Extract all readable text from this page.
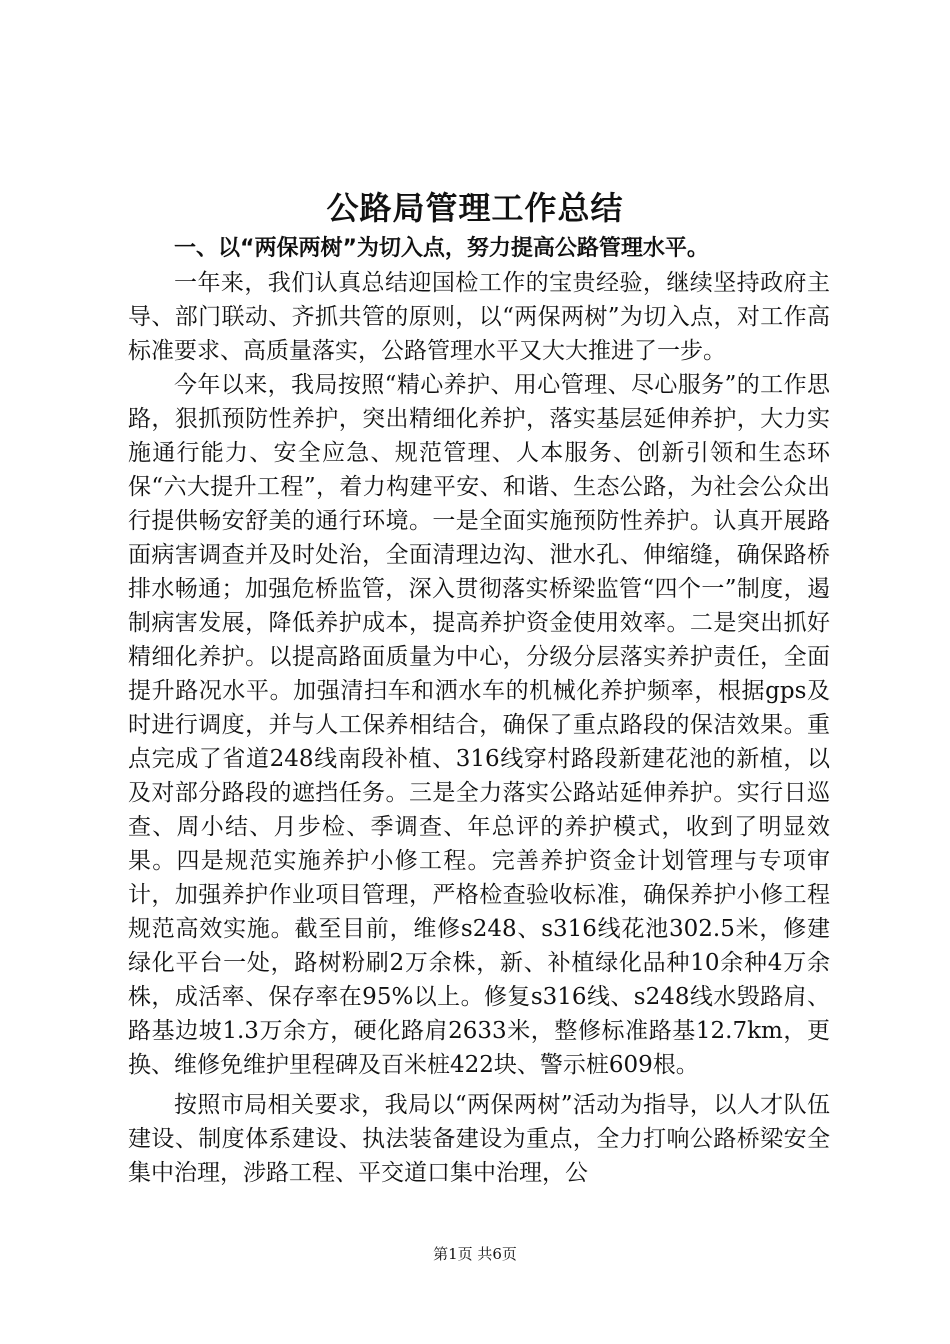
公路局管理工作总结

一、以“两保两树”为切入点，努力提高公路管理水平。

一年来，我们认真总结迎国检工作的宝贵经验，继续坚持政府主导、部门联动、齐抓共管的原则，以“两保两树”为切入点，对工作高标准要求、高质量落实，公路管理水平又大大推进了一步。

今年以来，我局按照“精心养护、用心管理、尽心服务”的工作思路，狠抓预防性养护，突出精细化养护，落实基层延伸养护，大力实施通行能力、安全应急、规范管理、人本服务、创新引领和生态环保“六大提升工程”，着力构建平安、和谐、生态公路，为社会公众出行提供畅安舒美的通行环境。一是全面实施预防性养护。认真开展路面病害调查并及时处治，全面清理边沟、泄水孔、伸缩缝，确保路桥排水畅通；加强危桥监管，深入贯彻落实桥梁监管“四个一”制度，遏制病害发展，降低养护成本，提高养护资金使用效率。二是突出抓好精细化养护。以提高路面质量为中心，分级分层落实养护责任，全面提升路况水平。加强清扫车和洒水车的机械化养护频率，根据gps及时进行调度，并与人工保养相结合，确保了重点路段的保洁效果。重点完成了省道248线南段补植、316线穿村路段新建花池的新植，以及对部分路段的遮挡任务。三是全力落实公路站延伸养护。实行日巡查、周小结、月步检、季调查、年总评的养护模式，收到了明显效果。四是规范实施养护小修工程。完善养护资金计划管理与专项审计，加强养护作业项目管理，严格检查验收标准，确保养护小修工程规范高效实施。截至目前，维修s248、s316线花池302.5米，修建绿化平台一处，路树粉刷2万余株，新、补植绿化品种10余种4万余株，成活率、保存率在95%以上。修复s316线、s248线水毁路肩、路基边坡1.3万余方，硬化路肩2633米，整修标准路基12.7km，更换、维修免维护里程碑及百米桩422块、警示桩609根。

按照市局相关要求，我局以“两保两树”活动为指导，以人才队伍建设、制度体系建设、执法装备建设为重点，全力打响公路桥梁安全集中治理，涉路工程、平交道口集中治理，公

第1页 共6页
